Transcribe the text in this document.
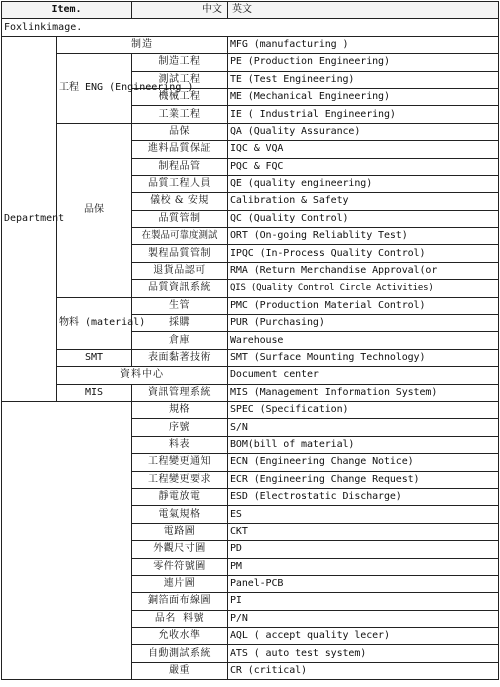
Item.		中文	英文
Foxlinkimage.			
Department	制造		MFG (manufacturing )
	工程 ENG (Engineering )	制造工程	PE (Production Engineering)
		測試工程	TE (Test Engineering)
		機械工程	ME (Mechanical Engineering)
		工業工程	IE ( Industrial Engineering)
	品保	品保	QA (Quality Assurance)
		進料品質保証	IQC & VQA
		制程品管	PQC & FQC
		品質工程人員	QE (quality engineering)
		儀校 & 安規	Calibration & Safety
		品質管制	QC (Quality Control)
		在製品可靠度測試	ORT (On-going Reliablity Test)
		製程品質管制	IPQC (In-Process Quality Control)
		退貨品認可	RMA (Return Merchandise Approval(or
		品質資訊系統	QIS (Quality Control Circle Activities)
	物料 (material)	生管	PMC (Production Material Control)
		採購	PUR (Purchasing)
		倉庫	Warehouse
	SMT	表面黏著技術	SMT (Surface Mounting Technology)
	資料中心		Document center
	MIS	資訊管理系統	MIS (Management Information System)
		規格	SPEC (Specification)
		序號	S/N
		料表	BOM(bill of material)
		工程變更通知	ECN (Engineering Change Notice)
		工程變更要求	ECR (Engineering Change Request)
		靜電放電	ESD (Electrostatic Discharge)
		電氣規格	ES
		電路圖	CKT
		外觀尺寸圖	PD
		零件符號圖	PM
		連片圖	Panel-PCB
		銅箔面布線圖	PI
		品名  料號	P/N
		允收水準	AQL ( accept quality lecer)
		自動測試系統	ATS ( auto test system)
		嚴重	CR (critical)
